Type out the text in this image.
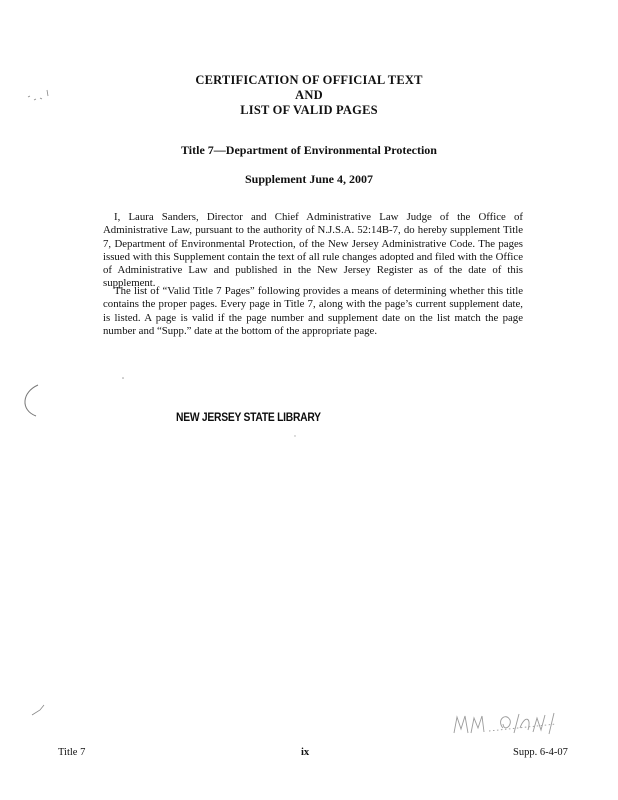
CERTIFICATION OF OFFICIAL TEXT
AND
LIST OF VALID PAGES
Title 7—Department of Environmental Protection
Supplement June 4, 2007

I, Laura Sanders, Director and Chief Administrative Law Judge of the Office of Administrative Law, pursuant to the authority of N.J.S.A. 52:14B-7, do hereby supplement Title 7, Department of Environmental Protection, of the New Jersey Administrative Code. The pages issued with this Supplement contain the text of all rule changes adopted and filed with the Office of Administrative Law and published in the New Jersey Register as of the date of this supplement.

The list of “Valid Title 7 Pages” following provides a means of determining whether this title contains the proper pages. Every page in Title 7, along with the page’s current supplement date, is listed. A page is valid if the page number and supplement date on the list match the page number and “Supp.” date at the bottom of the appropriate page.

NEW JERSEY STATE LIBRARY
Title 7	ix	Supp. 6-4-07
